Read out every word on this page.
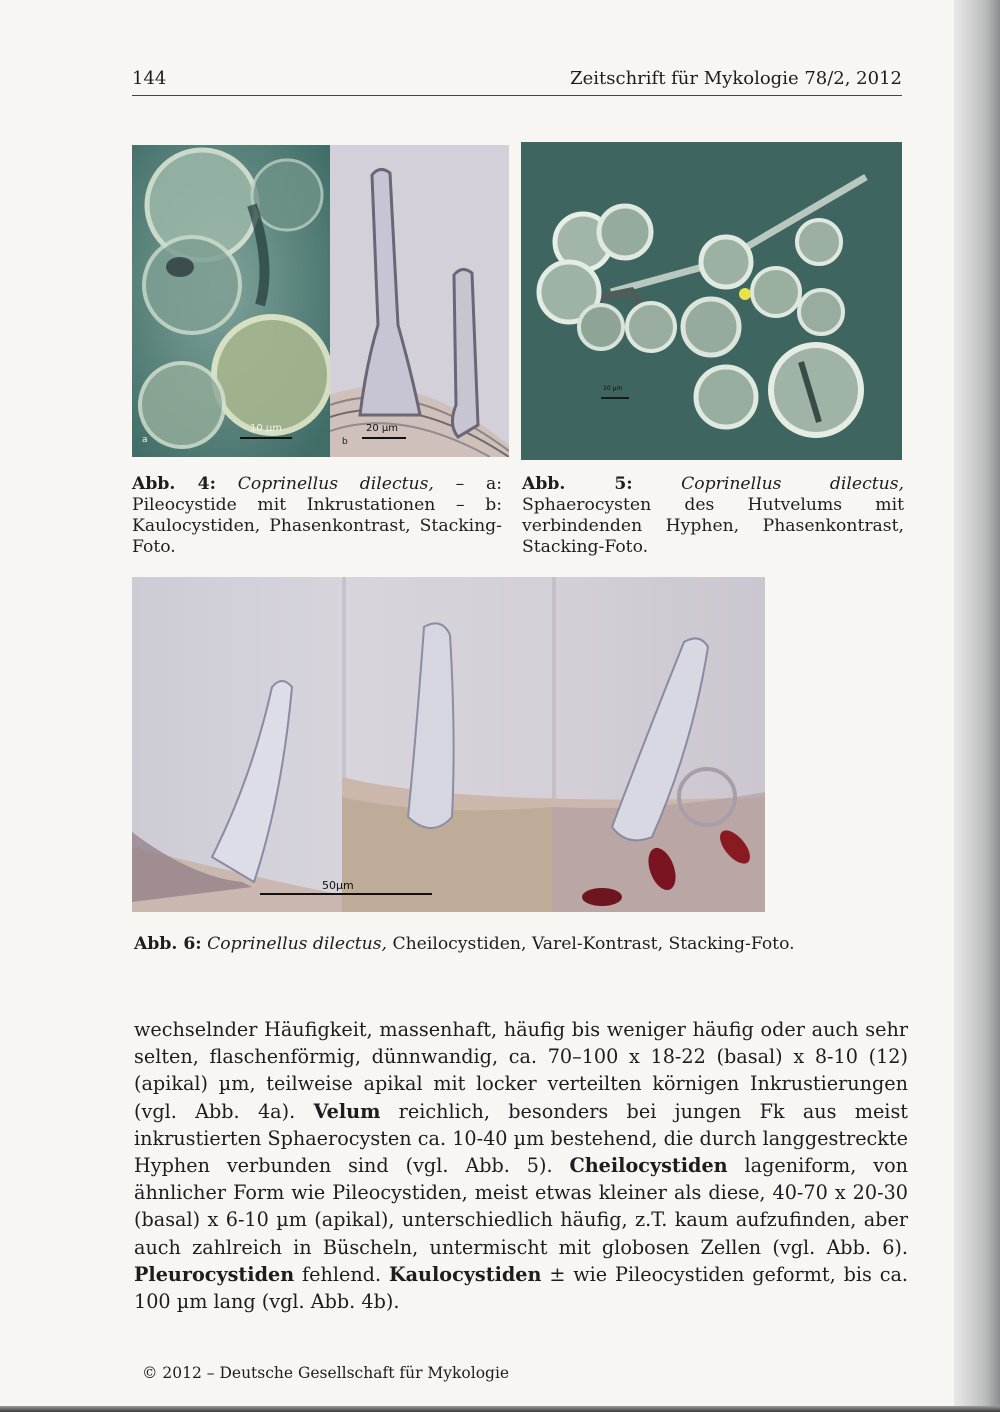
144	Zeitschrift für Mykologie 78/2, 2012
a
10 µm
b
20 µm
10 µm
50µm

Abb. 4: Coprinellus dilectus, – a: Pileocystide mit Inkrustationen – b: Kaulocystiden, Phasenkontrast, Stacking-Foto.

Abb. 5:	Coprinellus dilectus, Sphaerocysten des Hutvelums mit verbindenden Hyphen, Phasenkontrast, Stacking-Foto.

Abb. 6: Coprinellus dilectus, Cheilocystiden, Varel-Kontrast, Stacking-Foto.

wechselnder Häufigkeit, massenhaft, häufig bis weniger häufig oder auch sehr selten, flaschenförmig, dünnwandig, ca. 70–100 x 18-22 (basal) x 8-10 (12) (apikal) µm, teilweise apikal mit locker verteilten körnigen Inkrustierungen (vgl. Abb. 4a). Velum reichlich, besonders bei jungen Fk aus meist inkrustierten Sphaerocysten ca. 10-40 µm bestehend, die durch langgestreckte Hyphen verbunden sind (vgl. Abb. 5). Cheilocystiden lageniform, von ähnlicher Form wie Pileocystiden, meist etwas kleiner als diese, 40-70 x 20-30 (basal) x 6-10 µm (apikal), unterschiedlich häufig, z.T. kaum aufzufinden, aber auch zahlreich in Büscheln, untermischt mit globosen Zellen (vgl. Abb. 6). Pleurocystiden fehlend. Kaulocystiden ± wie Pileocystiden geformt, bis ca. 100 µm lang (vgl. Abb. 4b).

© 2012 – Deutsche Gesellschaft für Mykologie
